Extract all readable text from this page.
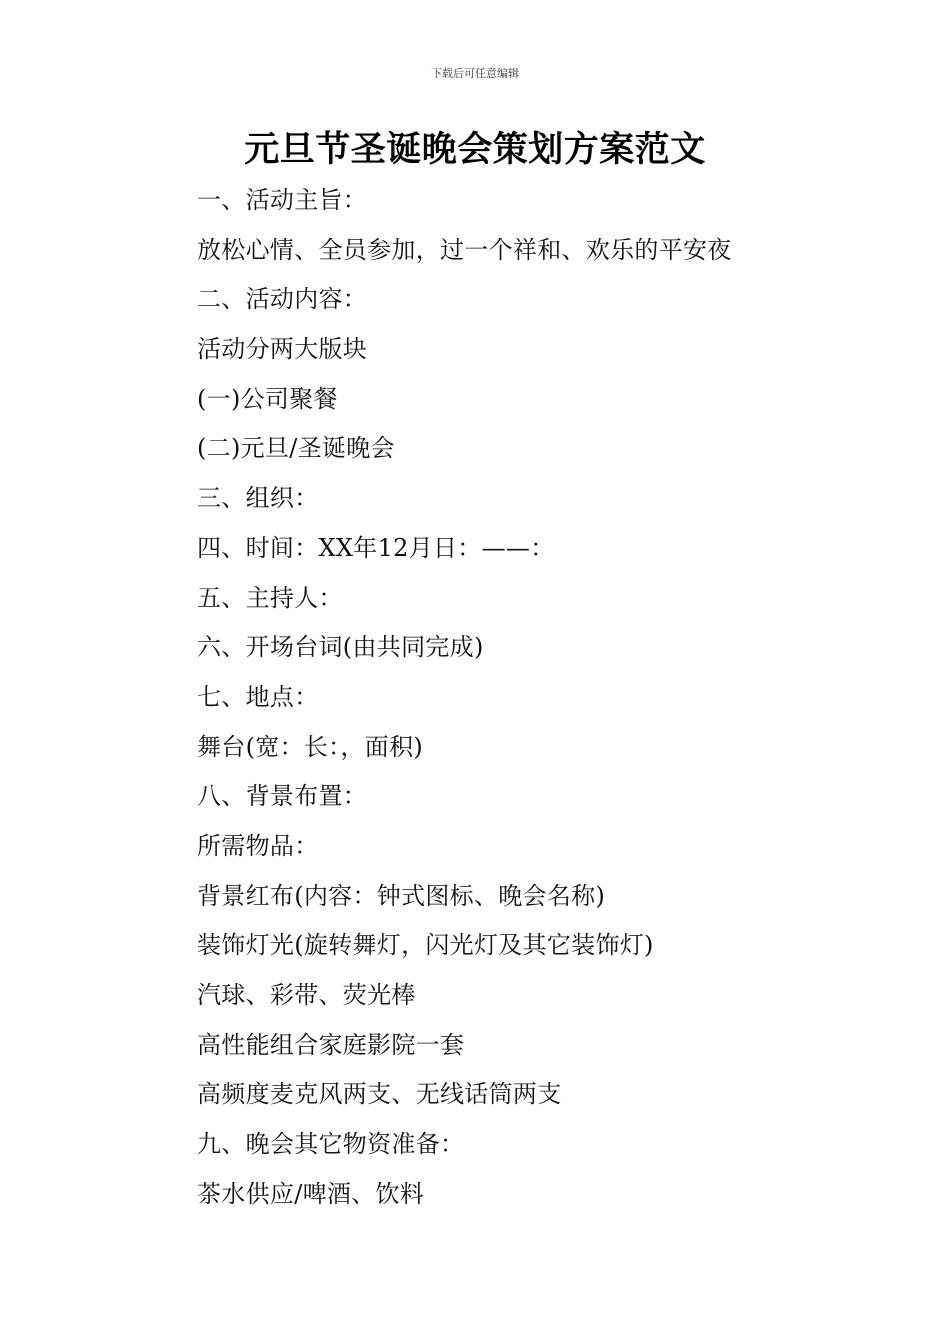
下载后可任意编辑
元旦节圣诞晚会策划方案范文
一、活动主旨：
放松心情、全员参加，过一个祥和、欢乐的平安夜
二、活动内容：
活动分两大版块
(一)公司聚餐
(二)元旦/圣诞晚会
三、组织：
四、时间：XX年12月日：——：
五、主持人：
六、开场台词(由共同完成)
七、地点：
舞台(宽：长：，面积)
八、背景布置：
所需物品：
背景红布(内容：钟式图标、晚会名称)
装饰灯光(旋转舞灯，闪光灯及其它装饰灯)
汽球、彩带、荧光棒
高性能组合家庭影院一套
高频度麦克风两支、无线话筒两支
九、晚会其它物资准备：
茶水供应/啤酒、饮料
